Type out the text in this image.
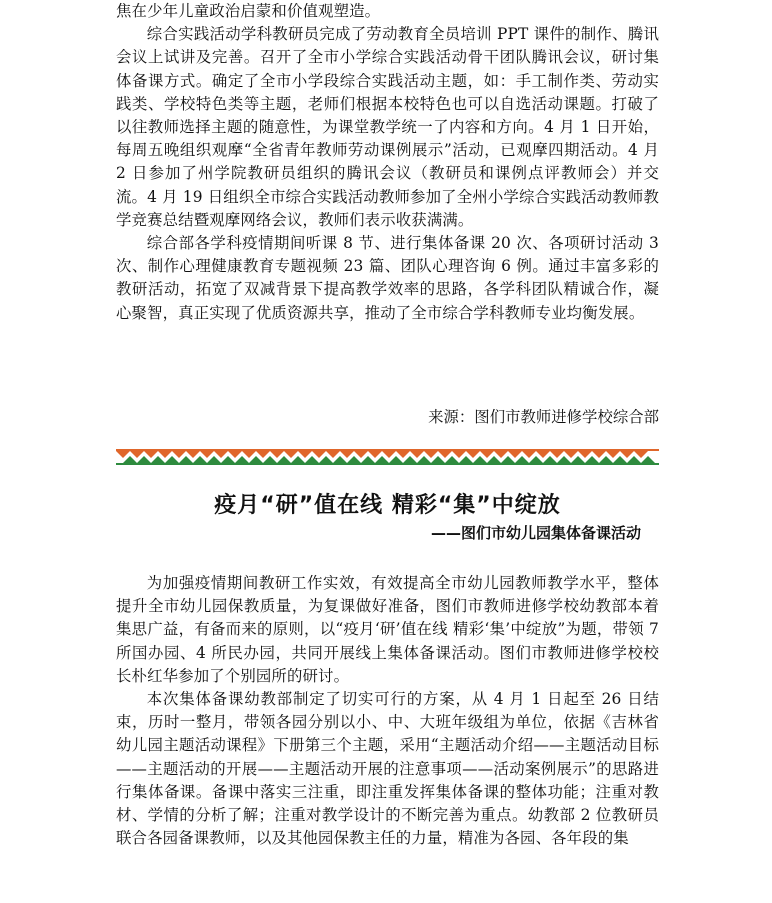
焦在少年儿童政治启蒙和价值观塑造。

综合实践活动学科教研员完成了劳动教育全员培训 PPT 课件的制作、腾讯会议上试讲及完善。召开了全市小学综合实践活动骨干团队腾讯会议，研讨集体备课方式。确定了全市小学段综合实践活动主题，如：手工制作类、劳动实践类、学校特色类等主题，老师们根据本校特色也可以自选活动课题。打破了以往教师选择主题的随意性，为课堂教学统一了内容和方向。4 月 1 日开始，每周五晚组织观摩“全省青年教师劳动课例展示”活动，已观摩四期活动。4 月 2 日参加了州学院教研员组织的腾讯会议（教研员和课例点评教师会）并交流。4 月 19 日组织全市综合实践活动教师参加了全州小学综合实践活动教师教学竞赛总结暨观摩网络会议，教师们表示收获满满。

综合部各学科疫情期间听课 8 节、进行集体备课 20 次、各项研讨活动 3 次、制作心理健康教育专题视频 23 篇、团队心理咨询 6 例。通过丰富多彩的教研活动，拓宽了双减背景下提高教学效率的思路，各学科团队精诚合作，凝心聚智，真正实现了优质资源共享，推动了全市综合学科教师专业均衡发展。

来源：图们市教师进修学校综合部
疫月“研”值在线 精彩“集”中绽放
——图们市幼儿园集体备课活动

为加强疫情期间教研工作实效，有效提高全市幼儿园教师教学水平，整体提升全市幼儿园保教质量，为复课做好准备，图们市教师进修学校幼教部本着集思广益，有备而来的原则，以“疫月‘研’值在线 精彩‘集’中绽放”为题，带领 7 所国办园、4 所民办园，共同开展线上集体备课活动。图们市教师进修学校校长朴红华参加了个别园所的研讨。

本次集体备课幼教部制定了切实可行的方案，从 4 月 1 日起至 26 日结束，历时一整月，带领各园分别以小、中、大班年级组为单位，依据《吉林省幼儿园主题活动课程》下册第三个主题，采用“主题活动介绍——主题活动目标——主题活动的开展——主题活动开展的注意事项——活动案例展示”的思路进行集体备课。备课中落实三注重，即注重发挥集体备课的整体功能；注重对教材、学情的分析了解；注重对教学设计的不断完善为重点。幼教部 2 位教研员联合各园备课教师，以及其他园保教主任的力量，精准为各园、各年段的集
